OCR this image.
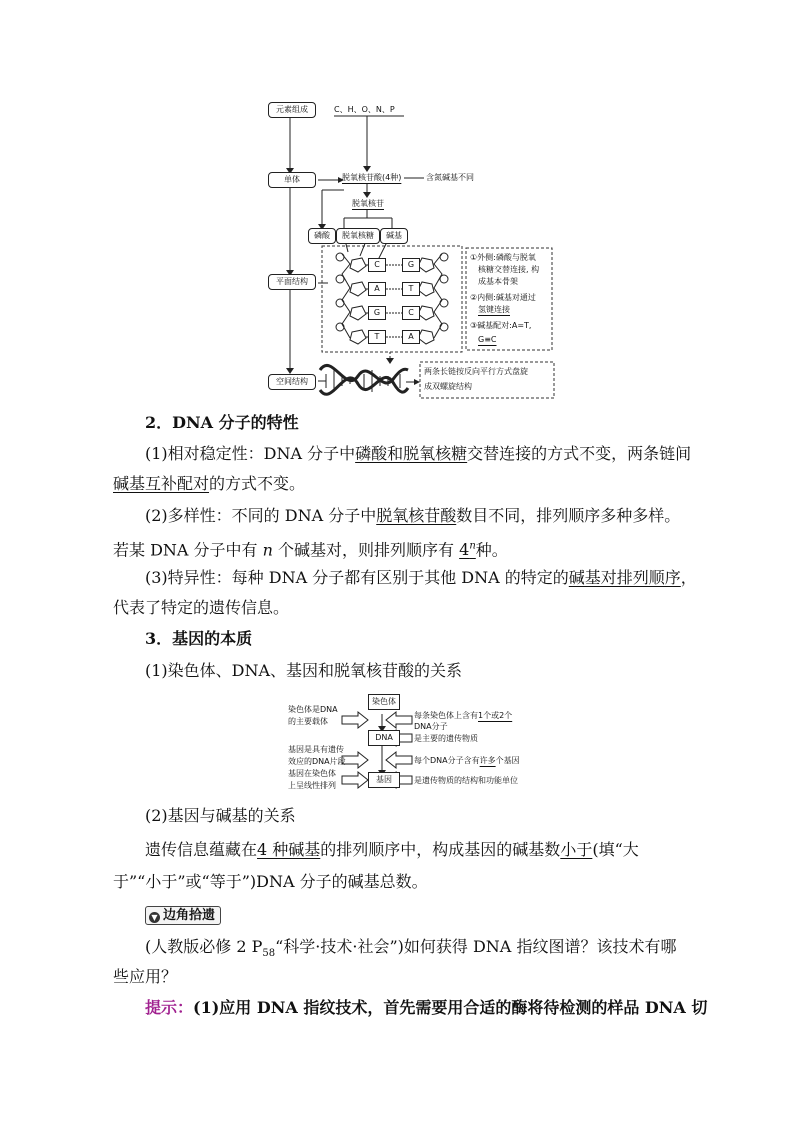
元素组成
单体
平面结构
空间结构
C、H、O、N、P
脱氧核苷酸(4种)	含氮碱基不同
脱氧核苷
磷酸	脱氧核糖	碱基
C	G
A	T
G	C
T	A
①外侧:磷酸与脱氧
核糖交替连接, 构
成基本骨架
②内侧:碱基对通过
氢键连接
③碱基配对:A=T,
G≡C
两条长链按反向平行方式盘旋
成双螺旋结构
2．DNA 分子的特性
(1)相对稳定性：DNA 分子中磷酸和脱氧核糖交替连接的方式不变，两条链间
碱基互补配对的方式不变。
(2)多样性：不同的 DNA 分子中脱氧核苷酸数目不同，排列顺序多种多样。
若某 DNA 分子中有 n 个碱基对，则排列顺序有 4$^n$种。
(3)特异性：每种 DNA 分子都有区别于其他 DNA 的特定的碱基对排列顺序，
代表了特定的遗传信息。
3．基因的本质
(1)染色体、DNA、基因和脱氧核苷酸的关系
染色体
DNA
基因
染色体是DNA
的主要载体
基因是具有遗传
效应的DNA片段
基因在染色体
上呈线性排列
每条染色体上含有1个或2个
DNA分子
是主要的遗传物质
每个DNA分子含有许多个基因
是遗传物质的结构和功能单位
(2)基因与碱基的关系
遗传信息蕴藏在4 种碱基的排列顺序中，构成基因的碱基数小于(填“大
于”“小于”或“等于”)DNA 分子的碱基总数。
▼ 边角拾遗
(人教版必修 2 $P_{58}“$科学·技术·社会”)如何获得 DNA 指纹图谱？该技术有哪
些应用？
提示：(1)应用 DNA 指纹技术，首先需要用合适的酶将待检测的样品 DNA 切
